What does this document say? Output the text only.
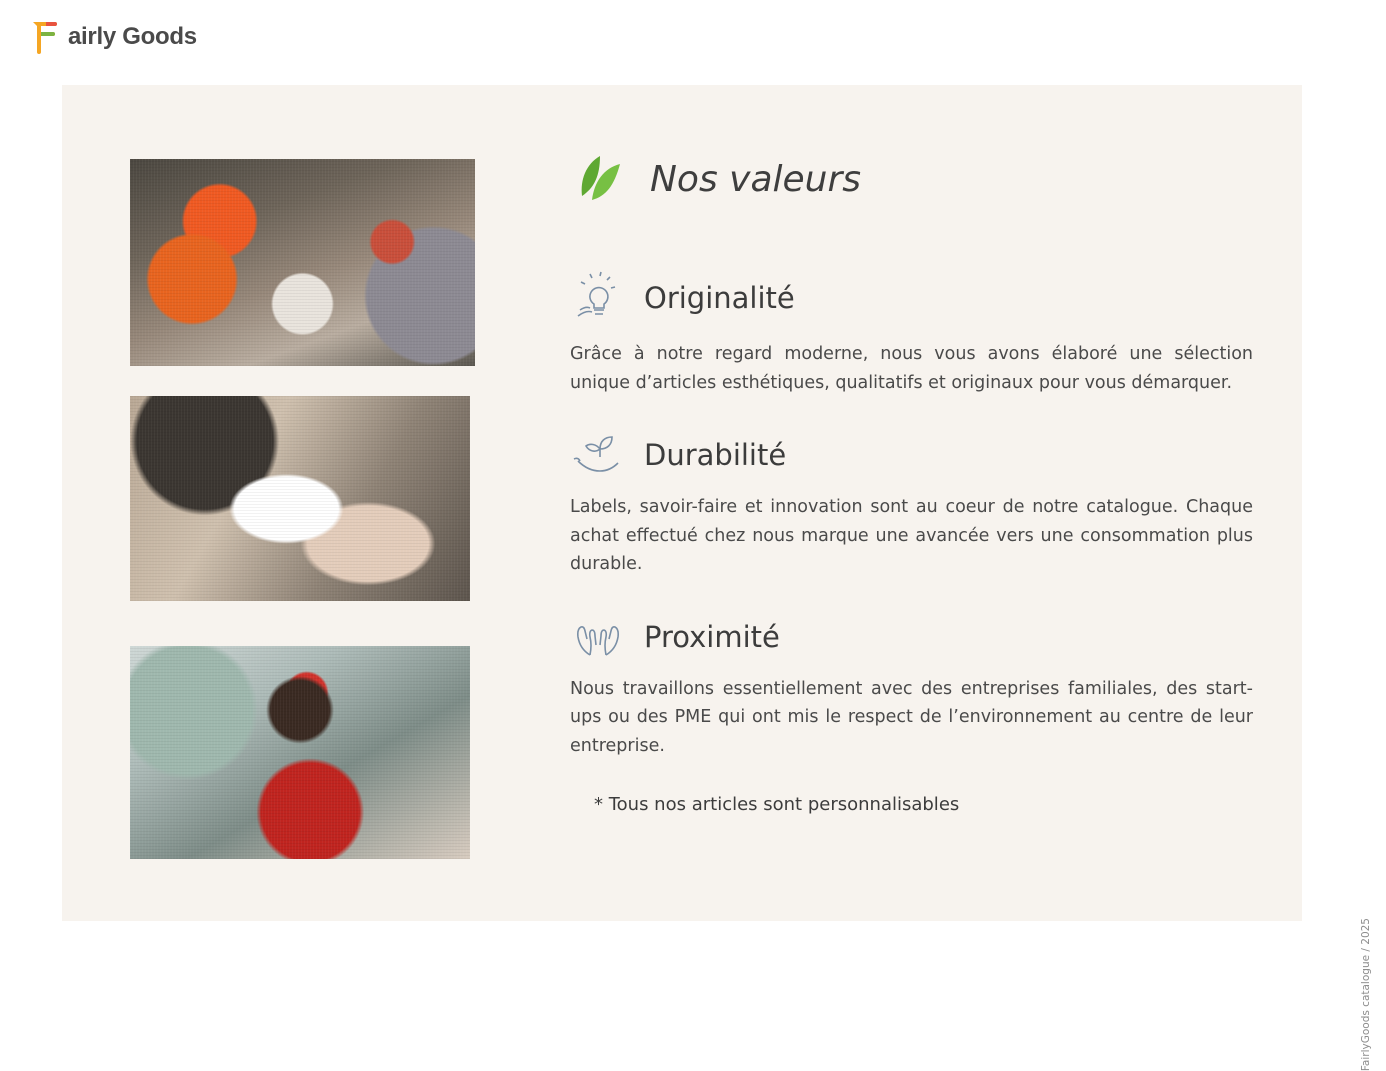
airly Goods
Nos valeurs
Originalité

Grâce à notre regard moderne, nous vous avons élaboré une sélection unique d’articles esthétiques, qualitatifs et originaux pour vous démarquer.

Durabilité

Labels, savoir-faire et innovation sont au coeur de notre catalogue. Chaque achat effectué chez nous marque une avancée vers une consommation plus durable.

Proximité

Nous travaillons essentiellement avec des entreprises familiales, des start-ups ou des PME qui ont mis le respect de l’environnement au centre de leur entreprise.

* Tous nos articles sont personnalisables
FairlyGoods catalogue / 2025
